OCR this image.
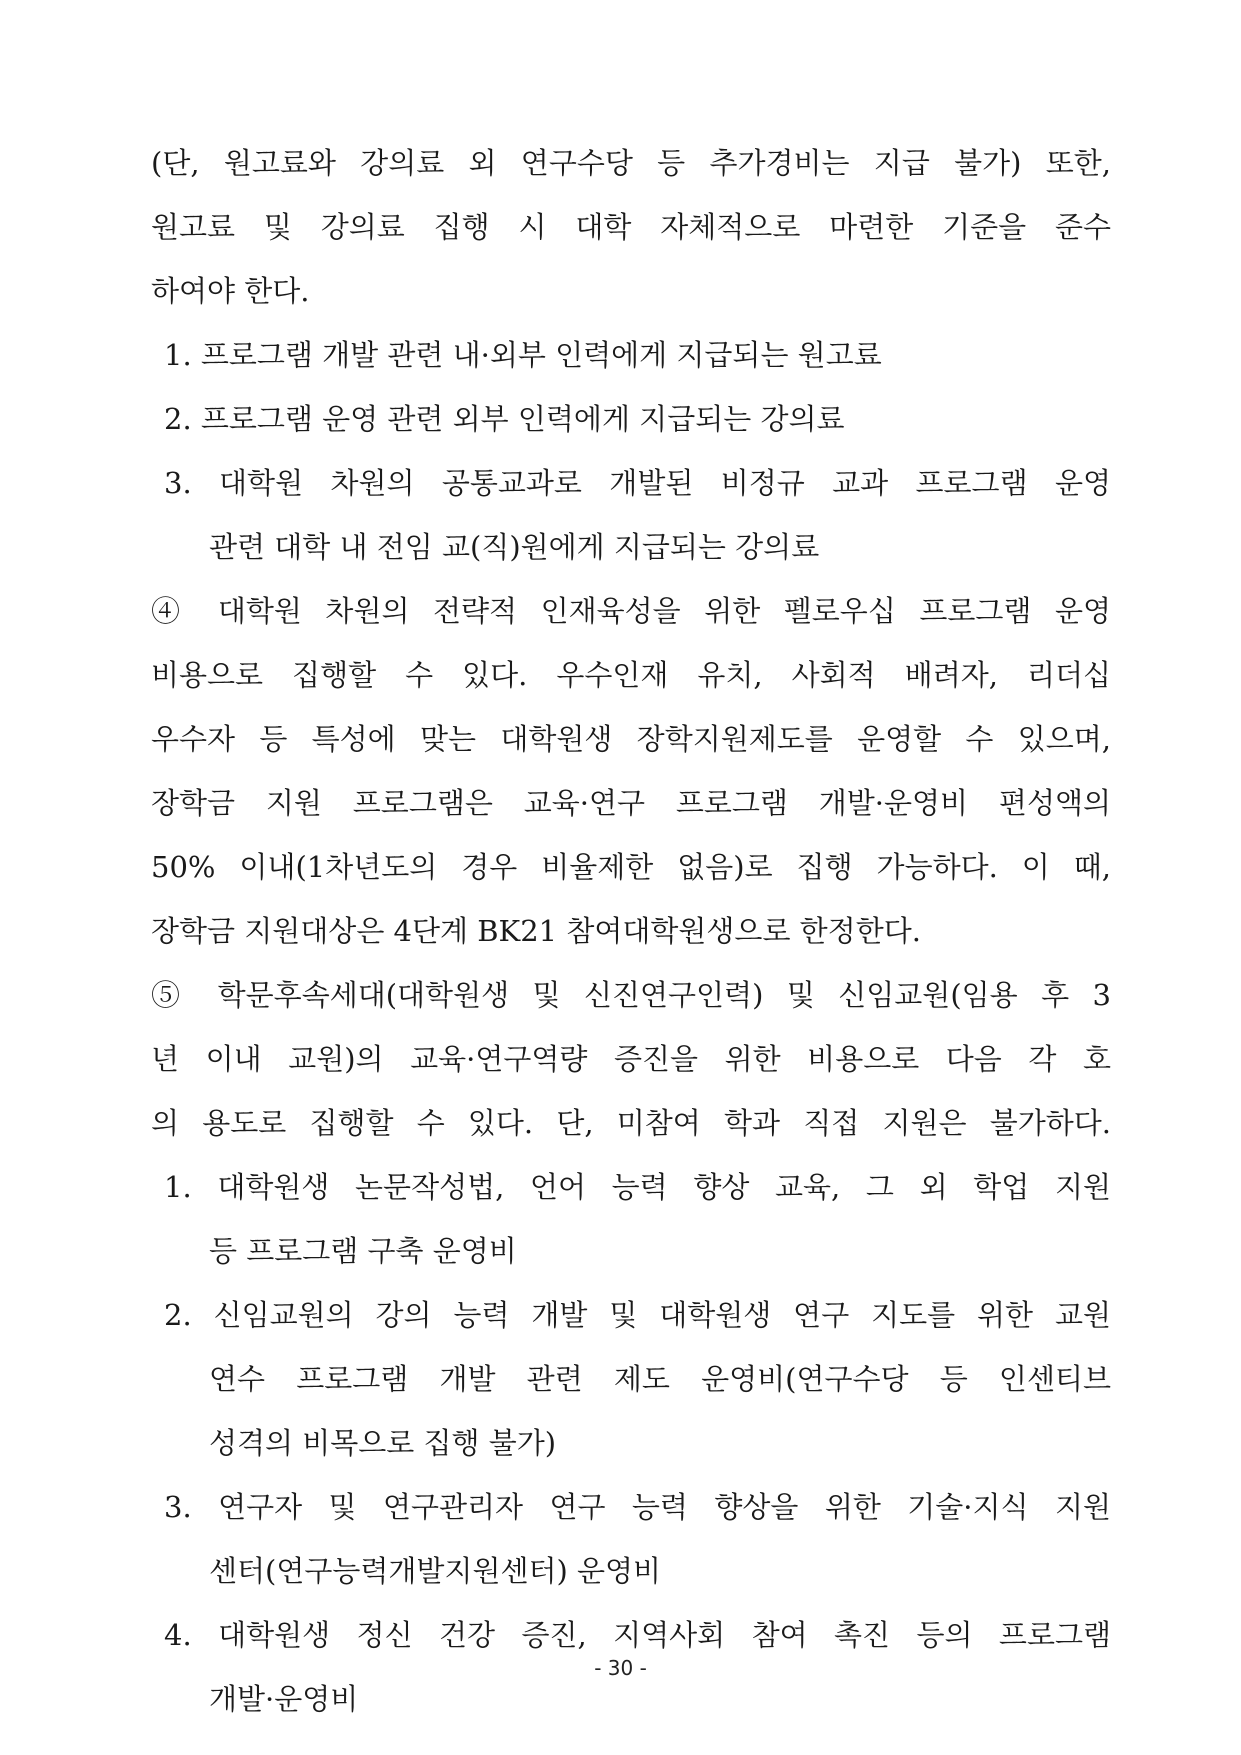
(단, 원고료와 강의료 외 연구수당 등 추가경비는 지급 불가) 또한,
원고료 및 강의료 집행 시 대학 자체적으로 마련한 기준을 준수
하여야 한다.
1. 프로그램 개발 관련 내·외부 인력에게 지급되는 원고료
2. 프로그램 운영 관련 외부 인력에게 지급되는 강의료
3. 대학원 차원의 공통교과로 개발된 비정규 교과 프로그램 운영
관련 대학 내 전임 교(직)원에게 지급되는 강의료
④ 대학원 차원의 전략적 인재육성을 위한 펠로우십 프로그램 운영
비용으로 집행할 수 있다. 우수인재 유치, 사회적 배려자, 리더십
우수자 등 특성에 맞는 대학원생 장학지원제도를 운영할 수 있으며,
장학금 지원 프로그램은 교육·연구 프로그램 개발·운영비 편성액의
50% 이내(1차년도의 경우 비율제한 없음)로 집행 가능하다. 이 때,
장학금 지원대상은 4단계 BK21 참여대학원생으로 한정한다.
⑤ 학문후속세대(대학원생 및 신진연구인력) 및 신임교원(임용 후 3
년 이내 교원)의 교육·연구역량 증진을 위한 비용으로 다음 각 호
의 용도로 집행할 수 있다. 단, 미참여 학과 직접 지원은 불가하다.
1. 대학원생 논문작성법, 언어 능력 향상 교육, 그 외 학업 지원
등 프로그램 구축 운영비
2. 신임교원의 강의 능력 개발 및 대학원생 연구 지도를 위한 교원
연수 프로그램 개발 관련 제도 운영비(연구수당 등 인센티브
성격의 비목으로 집행 불가)
3. 연구자 및 연구관리자 연구 능력 향상을 위한 기술·지식 지원
센터(연구능력개발지원센터) 운영비
4. 대학원생 정신 건강 증진, 지역사회 참여 촉진 등의 프로그램
개발·운영비
- 30 -
